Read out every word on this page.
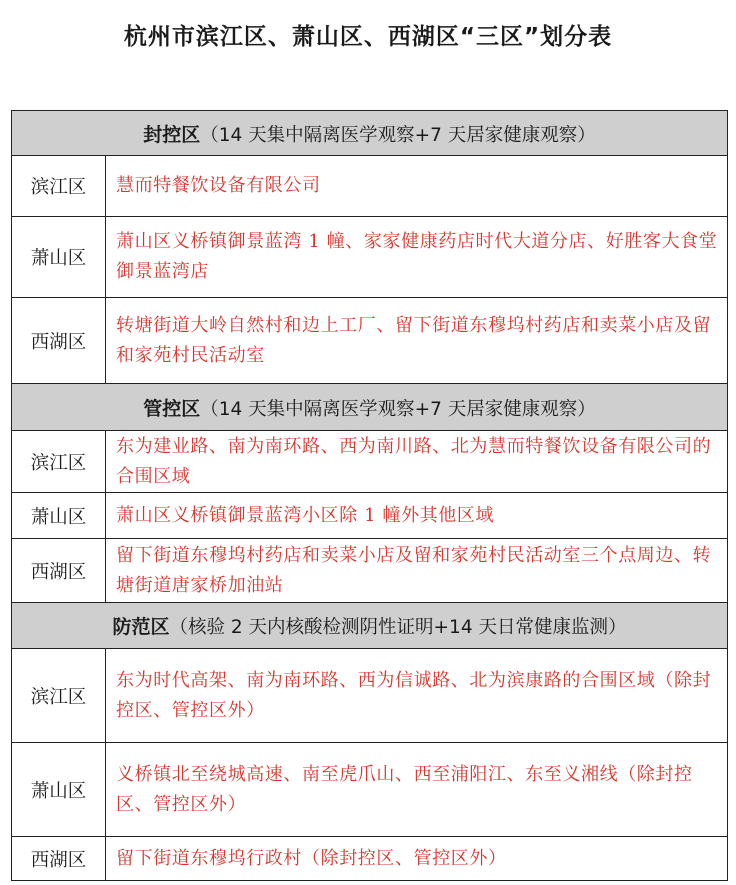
杭州市滨江区、萧山区、西湖区“三区”划分表
封控区（14 天集中隔离医学观察+7 天居家健康观察）	
滨江区	慧而特餐饮设备有限公司
萧山区	萧山区义桥镇御景蓝湾 1 幢、家家健康药店时代大道分店、好胜客大食堂御景蓝湾店
西湖区	转塘街道大岭自然村和边上工厂、留下街道东穆坞村药店和卖菜小店及留和家苑村民活动室
管控区（14 天集中隔离医学观察+7 天居家健康观察）	
滨江区	东为建业路、南为南环路、西为南川路、北为慧而特餐饮设备有限公司的合围区域
萧山区	萧山区义桥镇御景蓝湾小区除 1 幢外其他区域
西湖区	留下街道东穆坞村药店和卖菜小店及留和家苑村民活动室三个点周边、转塘街道唐家桥加油站
防范区（核验 2 天内核酸检测阴性证明+14 天日常健康监测）	
滨江区	东为时代高架、南为南环路、西为信诚路、北为滨康路的合围区域（除封控区、管控区外）
萧山区	义桥镇北至绕城高速、南至虎爪山、西至浦阳江、东至义湘线（除封控区、管控区外）
西湖区	留下街道东穆坞行政村（除封控区、管控区外）
